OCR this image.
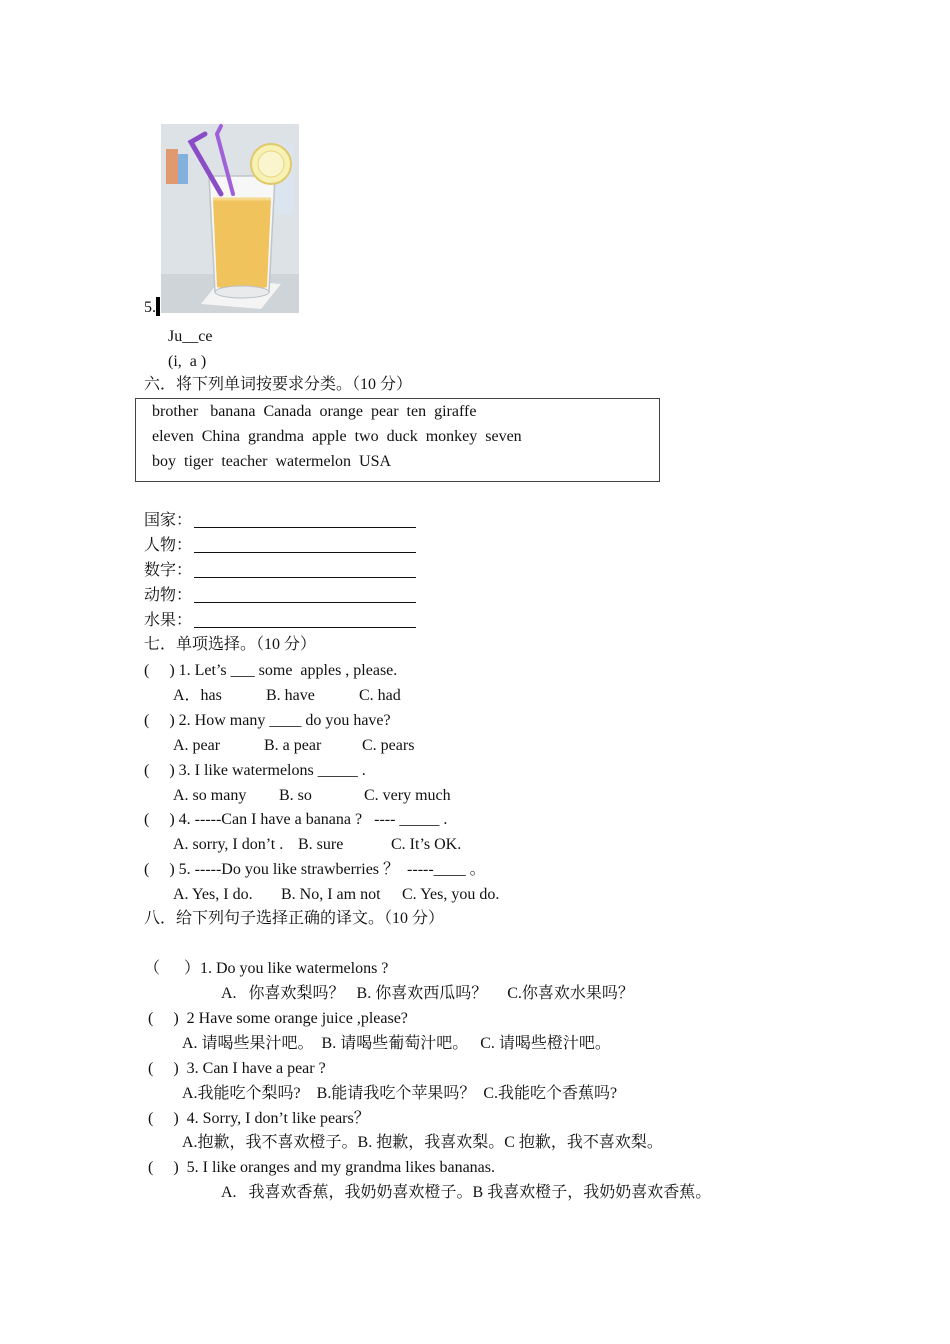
5.
Ju__ce
(i,  a )
六．将下列单词按要求分类。（10 分）
brother   banana  Canada  orange  pear  ten  giraffe
eleven  China  grandma  apple  two  duck  monkey  seven
boy  tiger  teacher  watermelon  USA
国家：
人物：
数字：
动物：
水果：
七．单项选择。（10 分）
(     ) 1. Let’s ___ some  apples , please.
A．has	B. have	C. had
(     ) 2. How many ____ do you have?
A. pear	B. a pear	C. pears
(     ) 3. I like watermelons _____ .
A. so many B. so	C. very much
(     ) 4. -----Can I have a banana ?   ---- _____ .
A. sorry, I don’t . B. sure	C. It’s OK.
(     ) 5. -----Do you like strawberries ？  -----____ 。
A. Yes, I do. B. No, I am not C. Yes, you do.
八．给下列句子选择正确的译文。（10 分）
（      ）1. Do you like watermelons ?
A.   你喜欢梨吗？   B. 你喜欢西瓜吗？     C.你喜欢水果吗？
(     )  2 Have some orange juice ,please?
A. 请喝些果汁吧。  B. 请喝些葡萄汁吧。   C. 请喝些橙汁吧。
(     )  3. Can I have a pear ?
A.我能吃个梨吗?    B.能请我吃个苹果吗？  C.我能吃个香蕉吗?
(     )  4. Sorry, I don’t like pears？
A.抱歉，我不喜欢橙子。B. 抱歉，我喜欢梨。C 抱歉，我不喜欢梨。
(     )  5. I like oranges and my grandma likes bananas.
A.   我喜欢香蕉，我奶奶喜欢橙子。B 我喜欢橙子，我奶奶喜欢香蕉。
